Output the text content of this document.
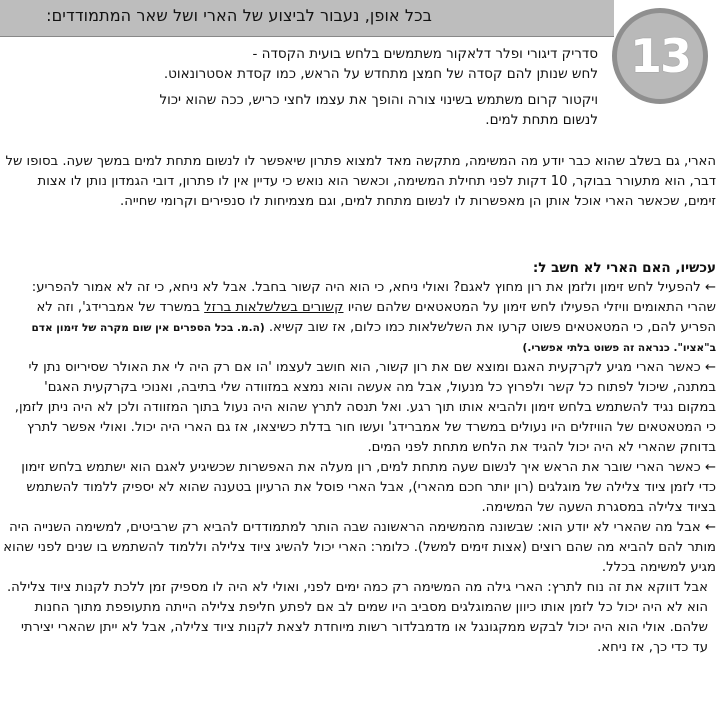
בכל אופן, נעבור לביצוע של הארי ושל שאר המתמודדים:
13

סדריק דיגורי ופלר דלאקור משתמשים בלחש בועית הקסדה -
לחש שנותן להם קסדה של חמצן מתחדש על הראש, כמו קסדת אסטרונאוט.

ויקטור קרום משתמש בשינוי צורה והופך את עצמו לחצי כריש, ככה שהוא יכול
לנשום מתחת למים.

הארי, גם בשלב שהוא כבר יודע מה המשימה, מתקשה מאד למצוא פתרון שיאפשר לו לנשום מתחת למים במשך שעה. בסופו של דבר, הוא מתעורר בבוקר, 10 דקות לפני תחילת המשימה, וכאשר הוא נואש כי עדיין אין לו פתרון, דובי הגמדון נותן לו אצות זימים, שכאשר הארי אוכל אותן הן מאפשרות לו לנשום מתחת למים, וגם מצמיחות לו סנפירים וקרומי שחייה.

עכשיו, האם הארי לא חשב ל:

← להפעיל לחש זימון ולזמן את רון מחוץ לאגם? ואולי ניחא, כי הוא היה קשור בחבל. אבל לא ניחא, כי זה לא אמור להפריע: שהרי התאומים וויזלי הפעילו לחש זימון על המטאטאים שלהם שהיו קשורים בשלשלאות ברזל במשרד של אמברידג', וזה לא הפריע להם, כי המטאטאים פשוט קרעו את השלשלאות כמו כלום, אז שוב קשיא. (ה.מ. בכל הספרים אין שום מקרה של זימון אדם ב"אציו". כנראה זה פשוט בלתי אפשרי.)

← כאשר הארי מגיע לקרקעית האגם ומוצא שם את רון קשור, הוא חושב לעצמו 'הו אם רק היה לי את האולר שסיריוס נתן לי במתנה, שיכול לפתוח כל קשר ולפרוץ כל מנעול, אבל מה אעשה והוא נמצא במזוודה שלי בתיבה, ואנוכי בקרקעית האגם' במקום נגיד להשתמש בלחש זימון ולהביא אותו תוך רגע. ואל תנסה לתרץ שהוא היה נעול בתוך המזוודה ולכן לא היה ניתן לזמן, כי המטאטאים של הוויזלים היו נעולים במשרד של אמברידג' ועשו חור בדלת כשיצאו, אז גם הארי היה יכול. ואולי אפשר לתרץ בדוחק שהארי לא היה יכול להגיד את הלחש מתחת לפני המים.

← כאשר הארי שובר את הראש איך לנשום שעה מתחת למים, רון מעלה את האפשרות שכשיגיע לאגם הוא ישתמש בלחש זימון כדי לזמן ציוד צלילה של מוגלגים (רון יותר חכם מהארי), אבל הארי פוסל את הרעיון בטענה שהוא לא יספיק ללמוד להשתמש בציוד צלילה במסגרת השעה של המשימה.

← אבל מה שהארי לא יודע הוא: שבשונה מהמשימה הראשונה שבה הותר למתמודדים להביא רק שרביטים, למשימה השנייה היה מותר להם להביא מה שהם רוצים (אצות זימים למשל). כלומר: הארי יכול להשיג ציוד צלילה וללמוד להשתמש בו שנים לפני שהוא מגיע למשימה בכלל.

אבל דווקא את זה נוח לתרץ: הארי גילה מה המשימה רק כמה ימים לפני, ואולי לא היה לו מספיק זמן ללכת לקנות ציוד צלילה. הוא לא היה יכול כל לזמן אותו כיוון שהמוגלגים מסביב היו שמים לב אם לפתע חליפת צלילה הייתה מתעופפת מתוך החנות שלהם. אולי הוא היה יכול לבקש ממקגונגל או מדמבלדור רשות מיוחדת לצאת לקנות ציוד צלילה, אבל לא ייתן שהארי יצירתי עד כדי כך, אז ניחא.
